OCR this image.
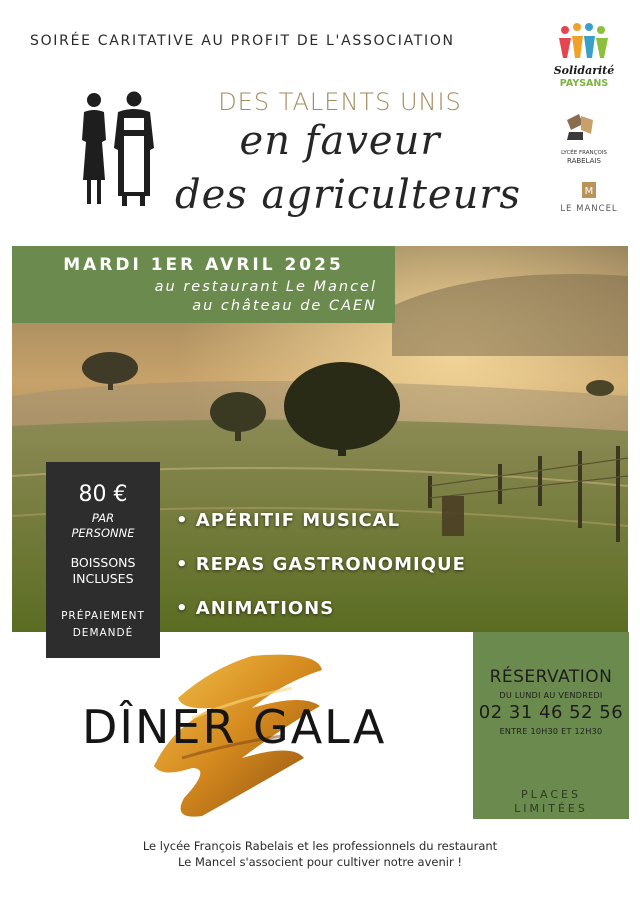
SOIRÉE CARITATIVE AU PROFIT DE L'ASSOCIATION
DES TALENTS UNIS
en faveur
des agriculteurs
Solidarité
PAYSANS
LYCÉE FRANÇOIS
RABELAIS
M
LE MANCEL
MARDI 1ER AVRIL 2025
au restaurant Le Mancel
au château de CAEN
80 €
PAR
PERSONNE
BOISSONS
INCLUSES
PRÉPAIEMENT
DEMANDÉ
• APÉRITIF MUSICAL
• REPAS GASTRONOMIQUE
• ANIMATIONS
DÎNER GALA
RÉSERVATION
DU LUNDI AU VENDREDI
02 31 46 52 56
ENTRE 10H30 ET 12H30
PLACES
LIMITÉES
Le lycée François Rabelais et les professionnels du restaurant
Le Mancel s'associent pour cultiver notre avenir !
